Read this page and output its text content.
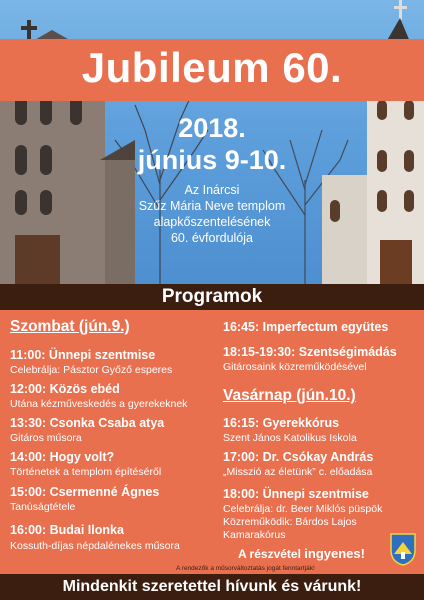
Jubileum 60.
2018.
június 9-10.
Az Inárcsi
Szűz Mária Neve templom
alapkőszentelésének
60. évfordulója
Programok
Szombat (jún.9.)
11:00: Ünnepi szentmise
Celebrálja: Pásztor Győző esperes
12:00: Közös ebéd
Utána kézműveskedés a gyerekeknek
13:30: Csonka Csaba atya
Gitáros műsora
14:00: Hogy volt?
Történetek a templom építéséről
15:00: Csermenné Ágnes
Tanúságtétele
16:00: Budai Ilonka
Kossuth-díjas népdalénekes műsora
16:45: Imperfectum együtes
18:15-19:30: Szentségimádás
Gitárosaink közreműködésével
Vasárnap (jún.10.)
16:15: Gyerekkórus
Szent János Katolikus Iskola
17:00: Dr. Csókay András
„Misszió az életünk” c. előadása
18:00: Ünnepi szentmise
Celebrálja: dr. Beer Miklós püspök
Közreműködik: Bárdos Lajos
Kamarakórus
A részvétel ingyenes!
A rendezők a műsorváltoztatás jogát fenntartják!
Mindenkit szeretettel hívunk és várunk!
